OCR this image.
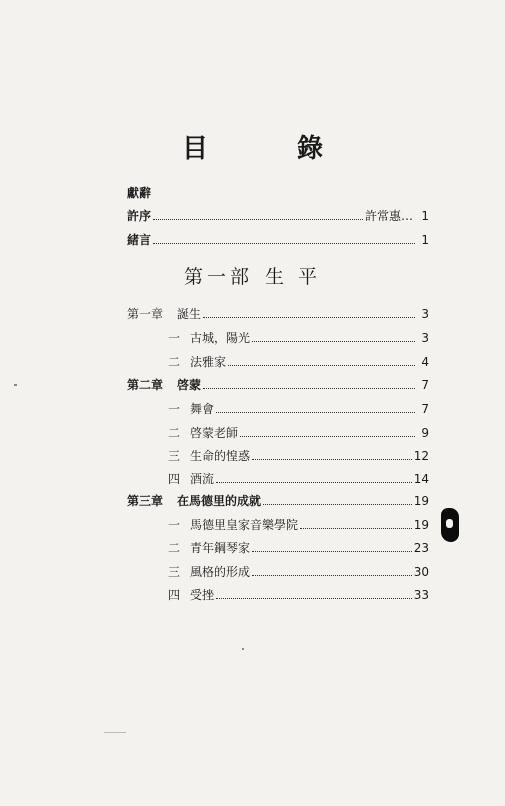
目 錄
獻辭
許序	許常惠… 1
緒言	1
第一部 生 平
第一章 誕生	3
一 古城，陽光	3
二 法雅家	4
第二章 啓蒙	7
一 舞會	7
二 啓蒙老師	9
三 生命的惶惑	12
四 酒流	14
第三章 在馬德里的成就	19
一 馬德里皇家音樂學院	19
二 青年鋼琴家	23
三 風格的形成	30
四 受挫	33
